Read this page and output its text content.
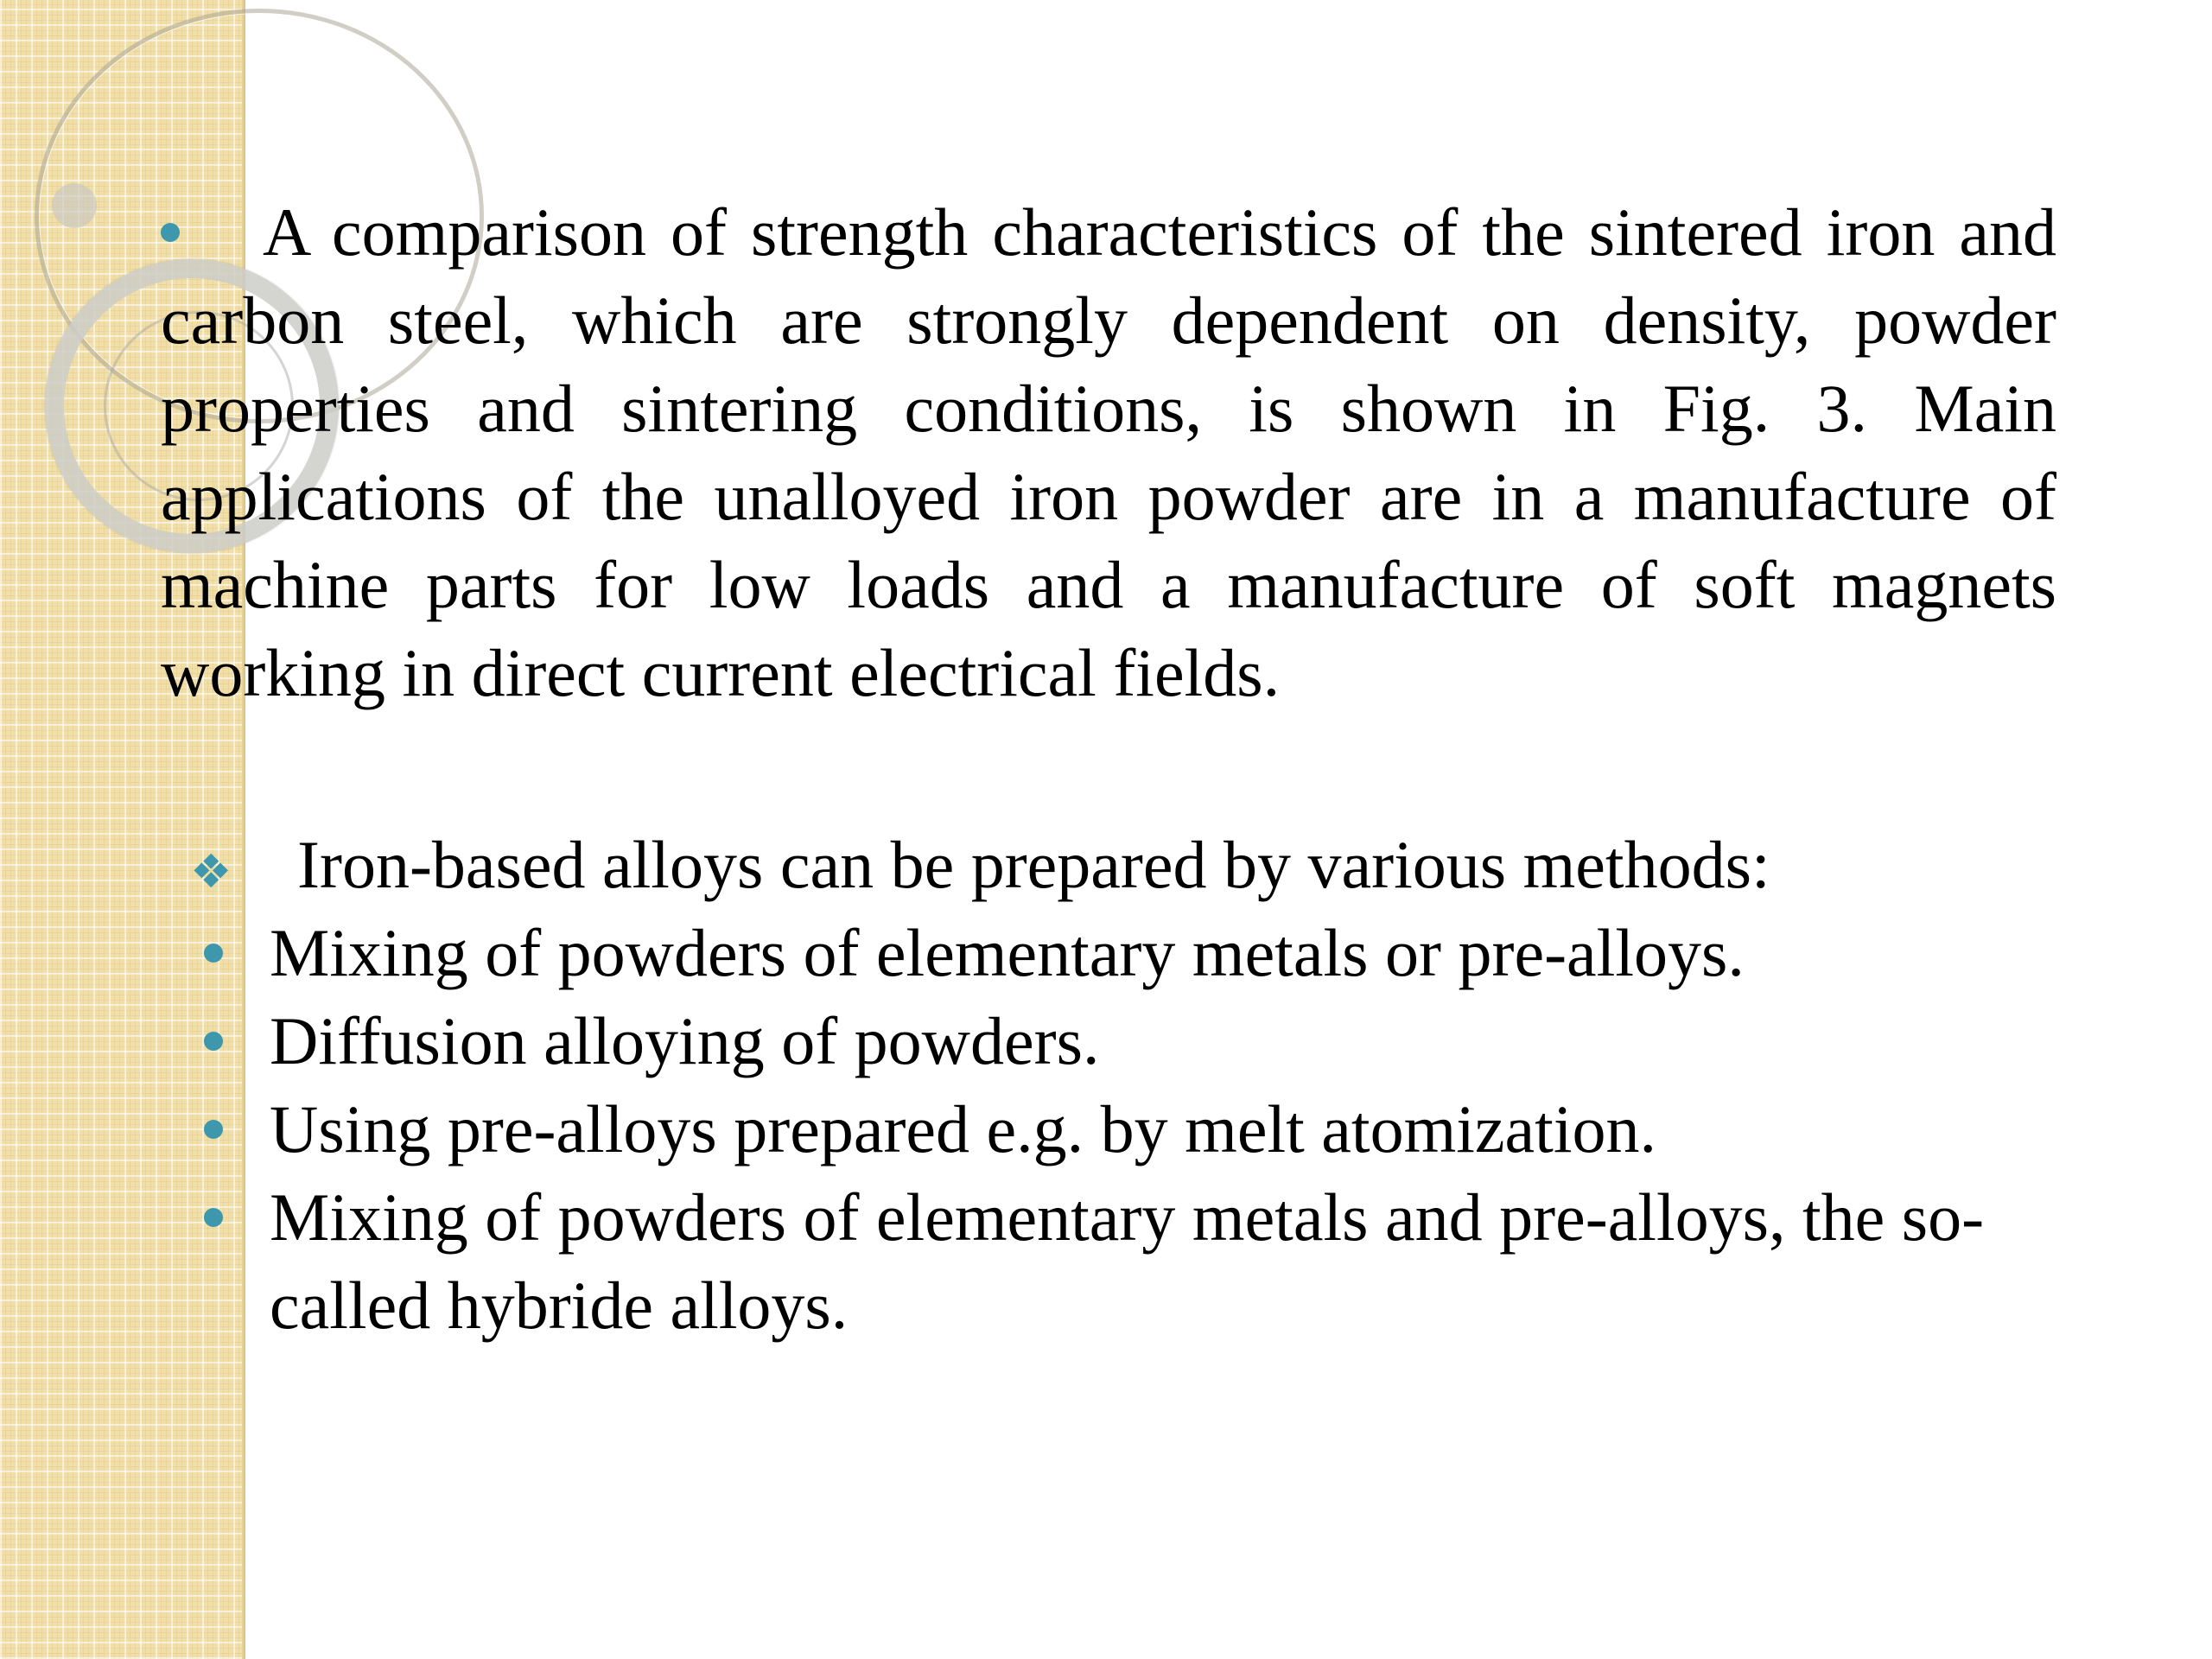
A comparison of strength characteristics of the sintered iron and carbon steel, which are strongly dependent on density, powder properties and sintering conditions, is shown in Fig. 3. Main applications of the unalloyed iron powder are in a manufacture of machine parts for low loads and a manufacture of soft magnets working in direct current electrical fields.

❖ Iron-based alloys can be prepared by various methods:
Mixing of powders of elementary metals or pre-alloys.
Diffusion alloying of powders.
Using pre-alloys prepared e.g. by melt atomization.
Mixing of powders of elementary metals and pre-alloys, the so-called hybride alloys.
